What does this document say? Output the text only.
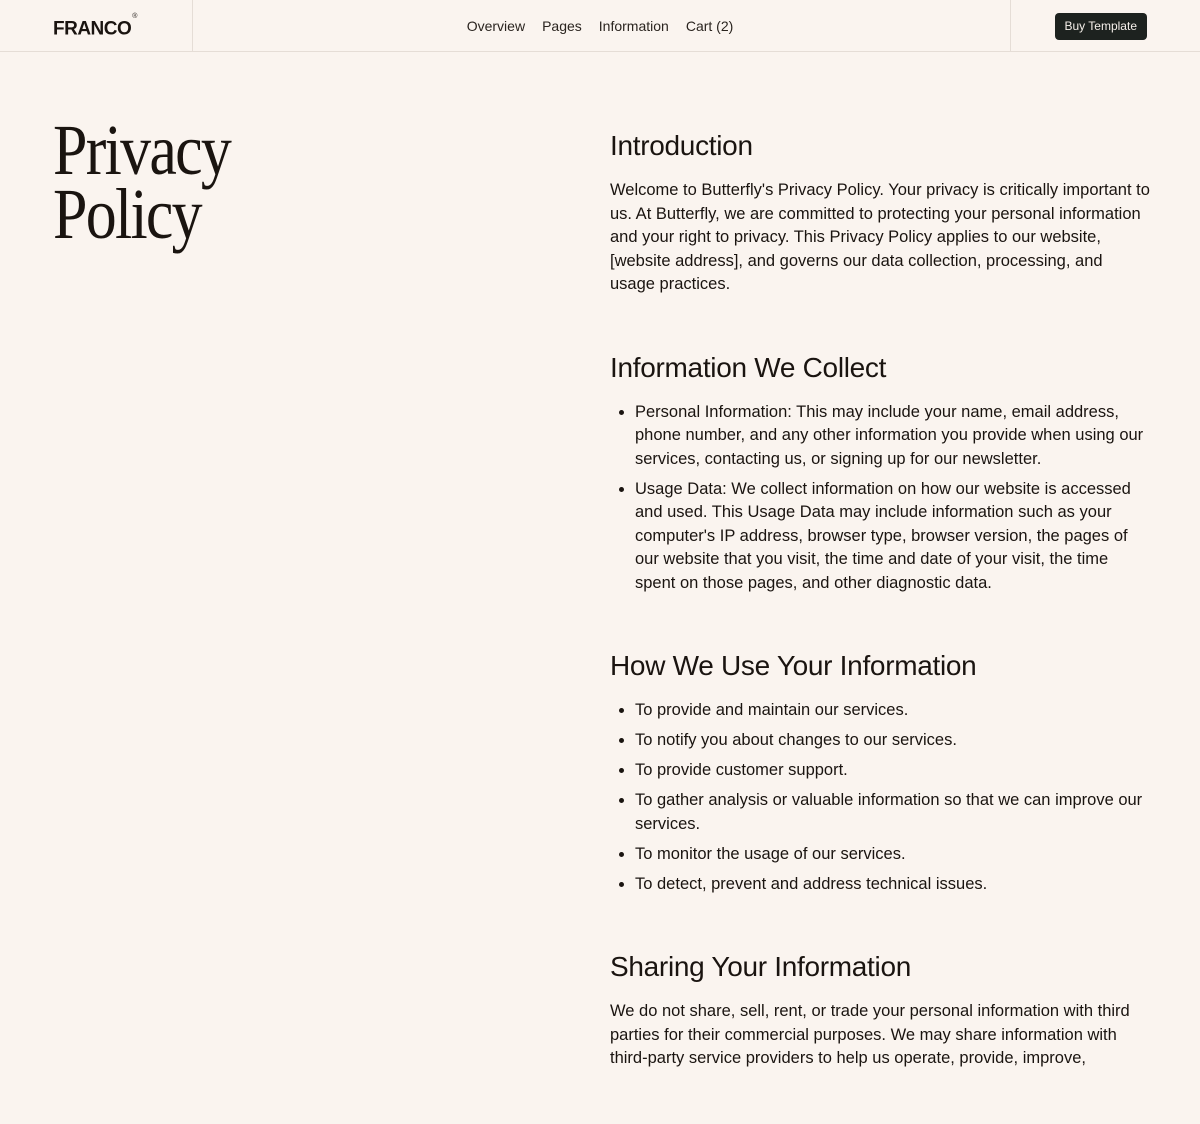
FRANCO®
Overview Pages Information Cart (2)	Buy Template
Privacy
Policy
Introduction

Welcome to Butterfly's Privacy Policy. Your privacy is critically important to us. At Butterfly, we are committed to protecting your personal information and your right to privacy. This Privacy Policy applies to our website, [website address], and governs our data collection, processing, and usage practices.

Information We Collect
• Personal Information: This may include your name, email address, phone number, and any other information you provide when using our services, contacting us, or signing up for our newsletter.
• Usage Data: We collect information on how our website is accessed and used. This Usage Data may include information such as your computer's IP address, browser type, browser version, the pages of our website that you visit, the time and date of your visit, the time spent on those pages, and other diagnostic data.
How We Use Your Information
• To provide and maintain our services.
• To notify you about changes to our services.
• To provide customer support.
• To gather analysis or valuable information so that we can improve our services.
• To monitor the usage of our services.
• To detect, prevent and address technical issues.
Sharing Your Information

We do not share, sell, rent, or trade your personal information with third parties for their commercial purposes. We may share information with third-party service providers to help us operate, provide, improve,
